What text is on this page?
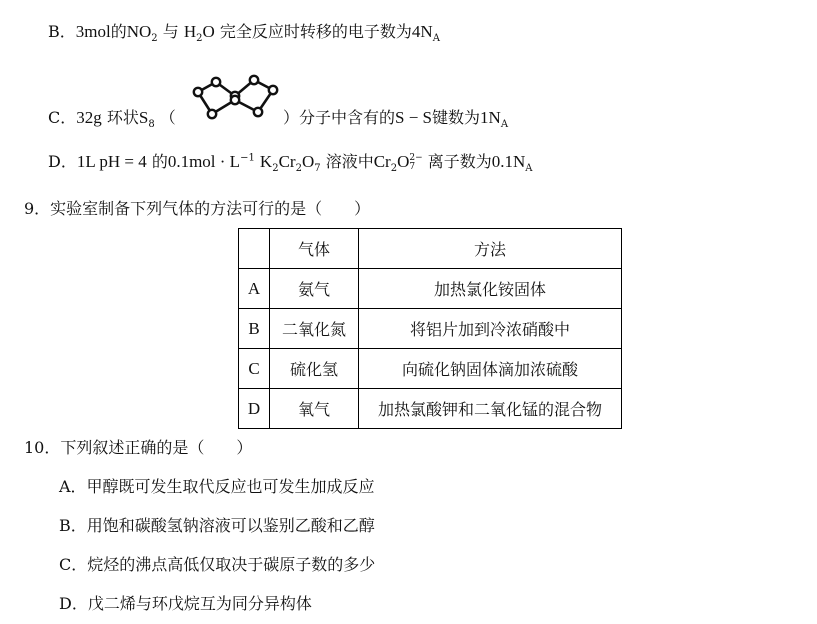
B．3mol的$NO_2$ 与 $H_2O$ 完全反应时转移的电子数为$4N_A$
C．32g 环状$S_8$ （	）分子中含有的S − S键数为$1N_A$
D．1L pH = 4 的$0.1mol \cdot L^{-1}$ $K_2Cr_2O_7$ 溶液中$Cr_2O$ 2−
7 离子数为$0.1N_A$
9．实验室制备下列气体的方法可行的是（　　）
	气体	方法
A	氨气	加热氯化铵固体
B	二氧化氮	将铝片加到冷浓硝酸中
C	硫化氢	向硫化钠固体滴加浓硫酸
D	氧气	加热氯酸钾和二氧化锰的混合物
10．下列叙述正确的是（　　）
A．甲醇既可发生取代反应也可发生加成反应
B．用饱和碳酸氢钠溶液可以鉴别乙酸和乙醇
C．烷烃的沸点高低仅取决于碳原子数的多少
D．戊二烯与环戊烷互为同分异构体
